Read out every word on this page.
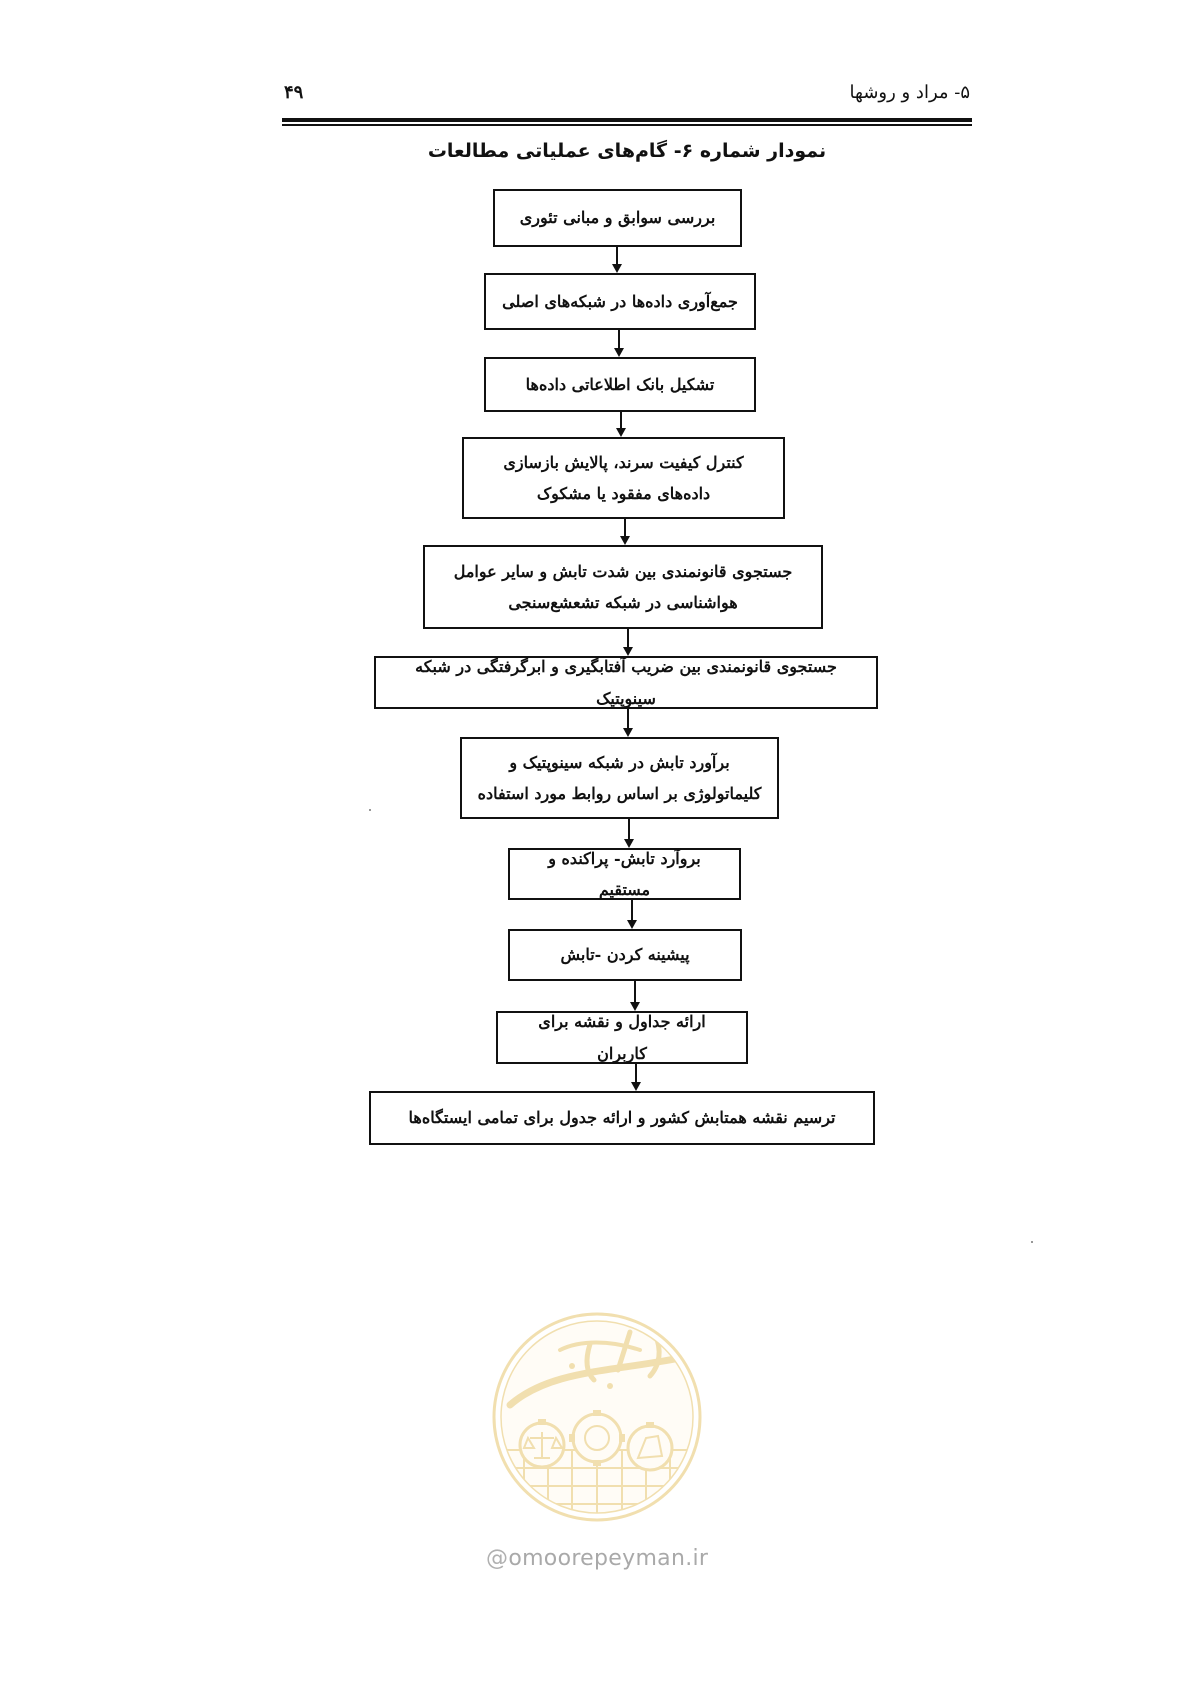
۴۹	۵- مراد و روشها
نمودار شماره ۶- گام‌های عملیاتی مطالعات
بررسی سوابق و مبانی تئوری
جمع‌آوری داده‌ها در شبکه‌های اصلی
تشکیل بانک اطلاعاتی داده‌ها
کنترل کیفیت سرند، پالایش بازسازی داده‌های مفقود یا مشکوک
جستجوی قانونمندی بین شدت تابش و سایر عوامل هواشناسی در شبکه تشعشع‌سنجی
جستجوی قانونمندی بین ضریب آفتابگیری و ابرگرفتگی در شبکه سینوپتیک
برآورد تابش در شبکه سینوپتیک و کلیماتولوژی بر اساس روابط مورد استفاده
بروآرد تابش- پراکنده و مستقیم
پیشینه کردن -تابش
ارائه جداول و نقشه برای کاربران
ترسیم نقشه همتابش کشور و ارائه جدول برای تمامی ایستگاه‌ها
@omoorepeyman.ir
